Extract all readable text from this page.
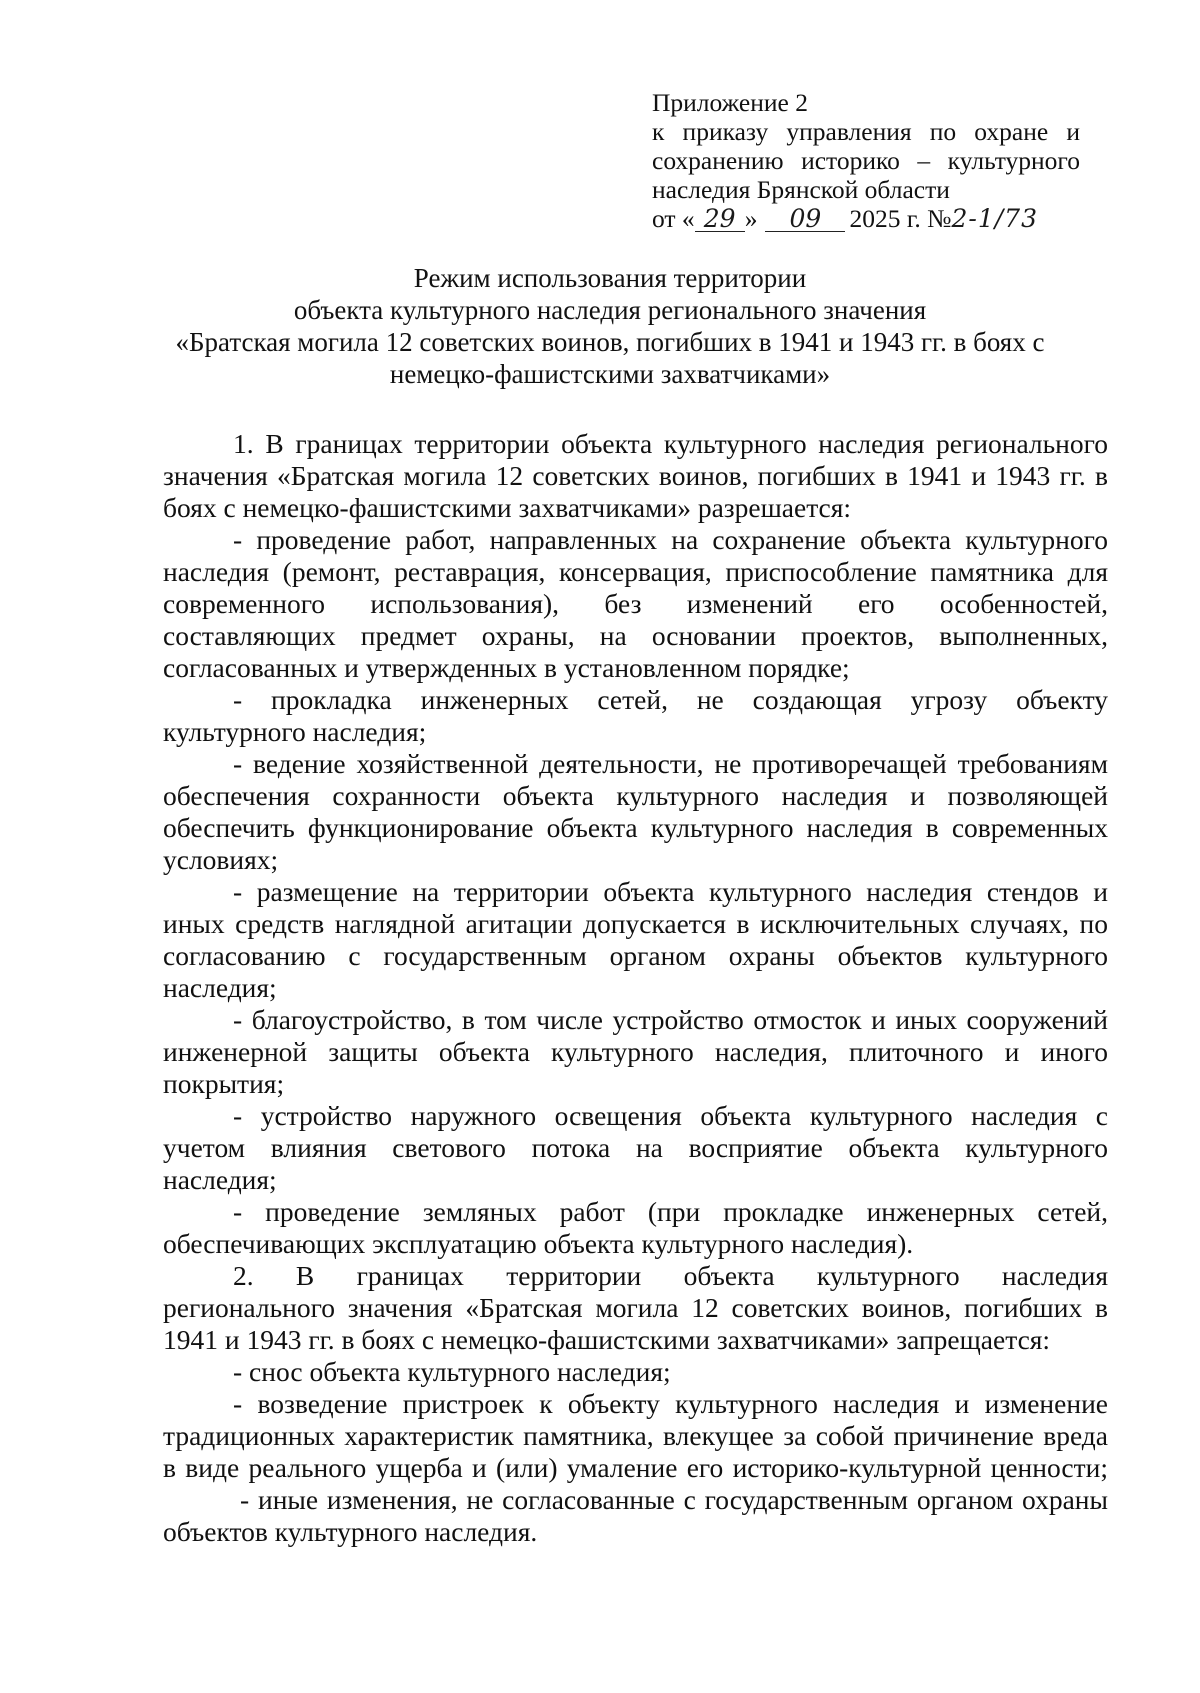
Приложение 2
к приказу управления по охране и
сохранению историко – культурного
наследия Брянской области
от « 29 » 09 2025 г. №2-1/73
Режим использования территории
объекта культурного наследия регионального значения
«Братская могила 12 советских воинов, погибших в 1941 и 1943 гг. в боях с
немецко-фашистскими захватчиками»
1. В границах территории объекта культурного наследия регионального
значения «Братская могила 12 советских воинов, погибших в 1941 и 1943 гг. в
боях с немецко-фашистскими захватчиками» разрешается:
- проведение работ, направленных на сохранение объекта культурного
наследия (ремонт, реставрация, консервация, приспособление памятника для
современного использования), без изменений его особенностей,
составляющих предмет охраны, на основании проектов, выполненных,
согласованных и утвержденных в установленном порядке;
- прокладка инженерных сетей, не создающая угрозу объекту
культурного наследия;
- ведение хозяйственной деятельности, не противоречащей требованиям
обеспечения сохранности объекта культурного наследия и позволяющей
обеспечить функционирование объекта культурного наследия в современных
условиях;
- размещение на территории объекта культурного наследия стендов и
иных средств наглядной агитации допускается в исключительных случаях, по
согласованию с государственным органом охраны объектов культурного
наследия;
- благоустройство, в том числе устройство отмосток и иных сооружений
инженерной защиты объекта культурного наследия, плиточного и иного
покрытия;
- устройство наружного освещения объекта культурного наследия с
учетом влияния светового потока на восприятие объекта культурного
наследия;
- проведение земляных работ (при прокладке инженерных сетей,
обеспечивающих эксплуатацию объекта культурного наследия).
2. В границах территории объекта культурного наследия
регионального значения «Братская могила 12 советских воинов, погибших в
1941 и 1943 гг. в боях с немецко-фашистскими захватчиками» запрещается:
- снос объекта культурного наследия;
- возведение пристроек к объекту культурного наследия и изменение
традиционных характеристик памятника, влекущее за собой причинение вреда
в виде реального ущерба и (или) умаление его историко-культурной ценности;
- иные изменения, не согласованные с государственным органом охраны
объектов культурного наследия.
